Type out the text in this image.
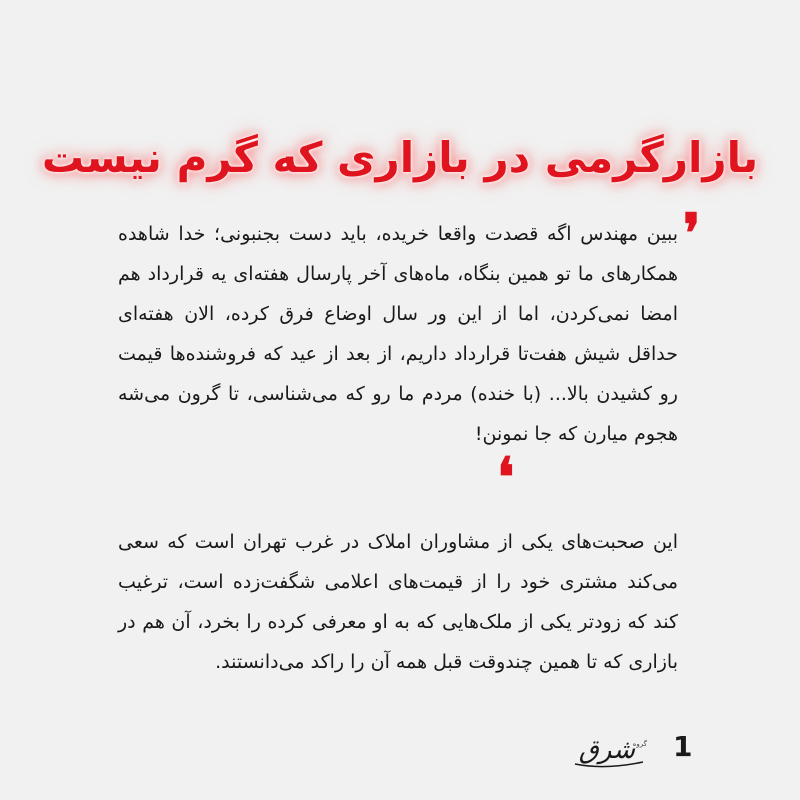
بازارگرمی در بازاری که گرم نیست
❜
ببین مهندس اگه قصدت واقعا خریده، باید دست بجنبونی؛ خدا شاهده همکارهای ما تو همین بنگاه، ماه‌های آخر پارسال هفته‌ای یه قرارداد هم امضا نمی‌کردن، اما از این ور سال اوضاع فرق کرده، الان هفته‌ای حداقل شیش هفت‌تا قرارداد داریم، از بعد از عید که فروشنده‌ها قیمت رو کشیدن بالا... (با خنده) مردم ما رو که می‌شناسی، تا گرون می‌شه هجوم میارن که جا نمونن!
❛
این صحبت‌های یکی از مشاوران املاک در غرب تهران است که سعی می‌کند مشتری خود را از قیمت‌های اعلامی شگفت‌زده است، ترغیب کند که زودتر یکی از ملک‌هایی که به او معرفی کرده را بخرد، آن هم در بازاری که تا همین چندوقت قبل همه آن را راکد می‌دانستند.
1
شرق
گروه
